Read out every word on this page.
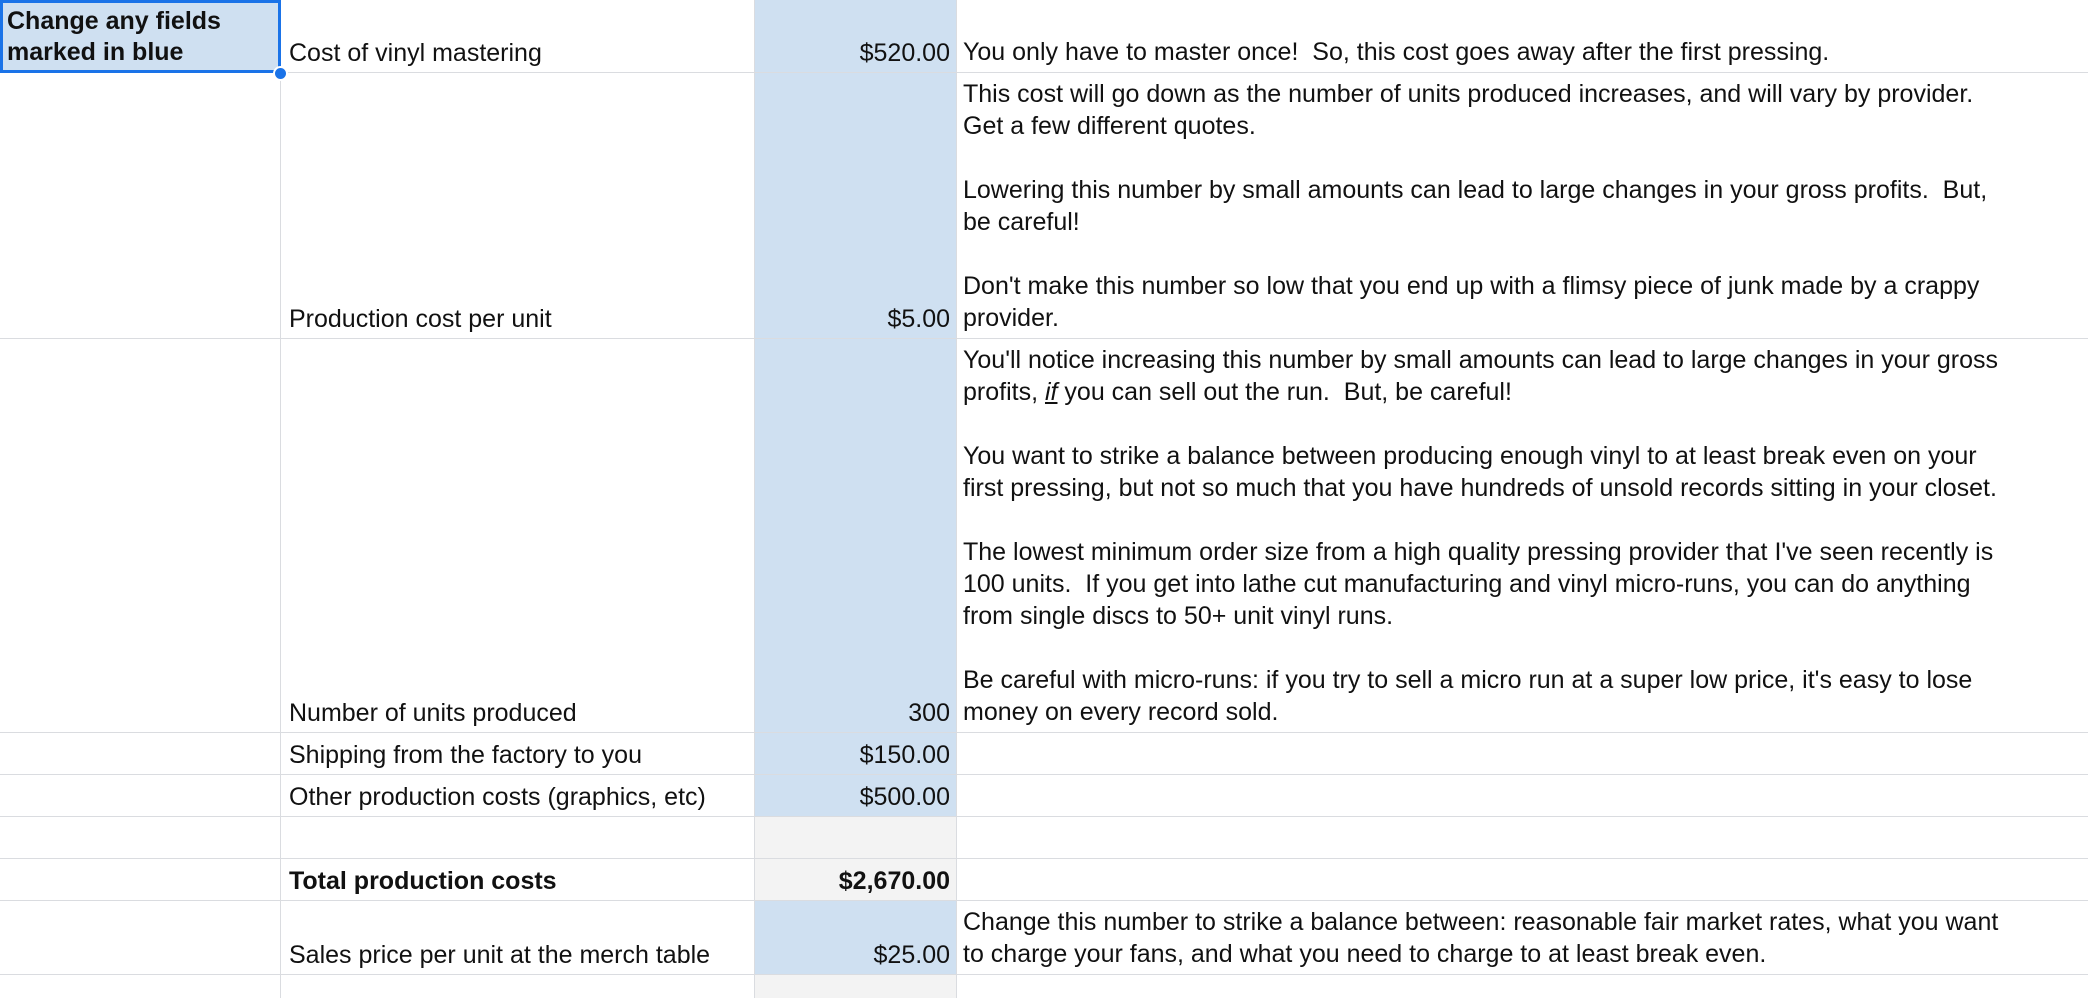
Change any fields
marked in blue	Cost of vinyl mastering	$520.00 You only have to master once!  So, this cost goes away after the first pressing.
Production cost per unit	$5.00
This cost will go down as the number of units produced increases, and will vary by provider.
Get a few different quotes.

Lowering this number by small amounts can lead to large changes in your gross profits.  But,
be careful!

Don't make this number so low that you end up with a flimsy piece of junk made by a crappy
provider.
Number of units produced	300
You'll notice increasing this number by small amounts can lead to large changes in your gross
profits, if you can sell out the run.  But, be careful!

You want to strike a balance between producing enough vinyl to at least break even on your
first pressing, but not so much that you have hundreds of unsold records sitting in your closet.

The lowest minimum order size from a high quality pressing provider that I've seen recently is
100 units.  If you get into lathe cut manufacturing and vinyl micro-runs, you can do anything
from single discs to 50+ unit vinyl runs.

Be careful with micro-runs: if you try to sell a micro run at a super low price, it's easy to lose
money on every record sold.
Shipping from the factory to you	$150.00
Other production costs (graphics, etc)	$500.00
Total production costs	$2,670.00
Sales price per unit at the merch table	$25.00
Change this number to strike a balance between: reasonable fair market rates, what you want
to charge your fans, and what you need to charge to at least break even.
